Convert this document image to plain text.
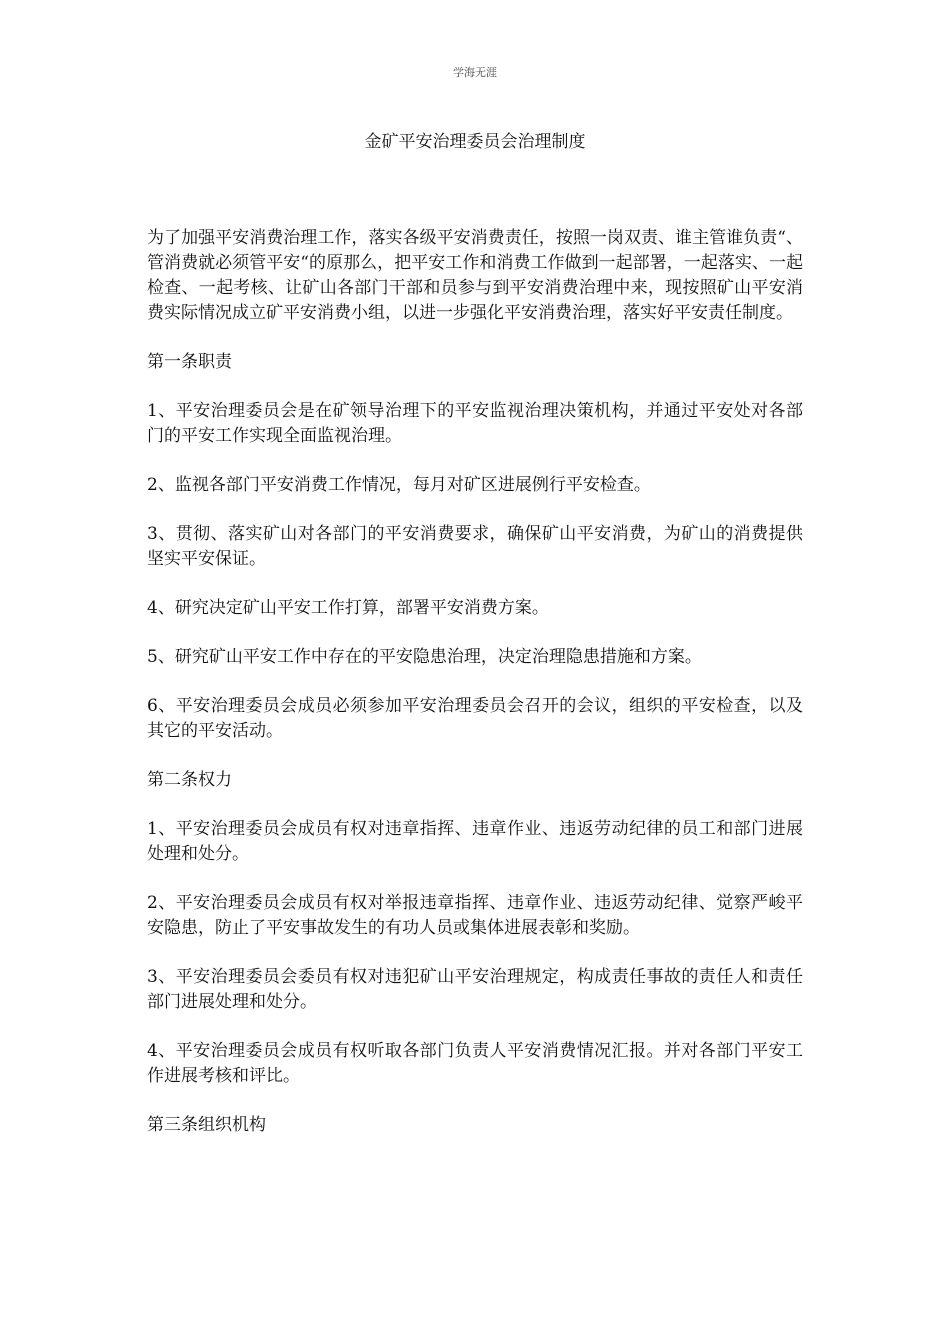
学海无涯
金矿平安治理委员会治理制度

为了加强平安消费治理工作，落实各级平安消费责任，按照一岗双责、谁主管谁负责“、管消费就必须管平安“的原那么，把平安工作和消费工作做到一起部署，一起落实、一起检查、一起考核、让矿山各部门干部和员参与到平安消费治理中来，现按照矿山平安消费实际情况成立矿平安消费小组，以进一步强化平安消费治理，落实好平安责任制度。

第一条职责

1、平安治理委员会是在矿领导治理下的平安监视治理决策机构，并通过平安处对各部门的平安工作实现全面监视治理。

2、监视各部门平安消费工作情况，每月对矿区进展例行平安检查。

3、贯彻、落实矿山对各部门的平安消费要求，确保矿山平安消费，为矿山的消费提供坚实平安保证。

4、研究决定矿山平安工作打算，部署平安消费方案。

5、研究矿山平安工作中存在的平安隐患治理，决定治理隐患措施和方案。

6、平安治理委员会成员必须参加平安治理委员会召开的会议，组织的平安检查，以及其它的平安活动。

第二条权力

1、平安治理委员会成员有权对违章指挥、违章作业、违返劳动纪律的员工和部门进展处理和处分。

2、平安治理委员会成员有权对举报违章指挥、违章作业、违返劳动纪律、觉察严峻平安隐患，防止了平安事故发生的有功人员或集体进展表彰和奖励。

3、平安治理委员会委员有权对违犯矿山平安治理规定，构成责任事故的责任人和责任部门进展处理和处分。

4、平安治理委员会成员有权听取各部门负责人平安消费情况汇报。并对各部门平安工作进展考核和评比。

第三条组织机构
